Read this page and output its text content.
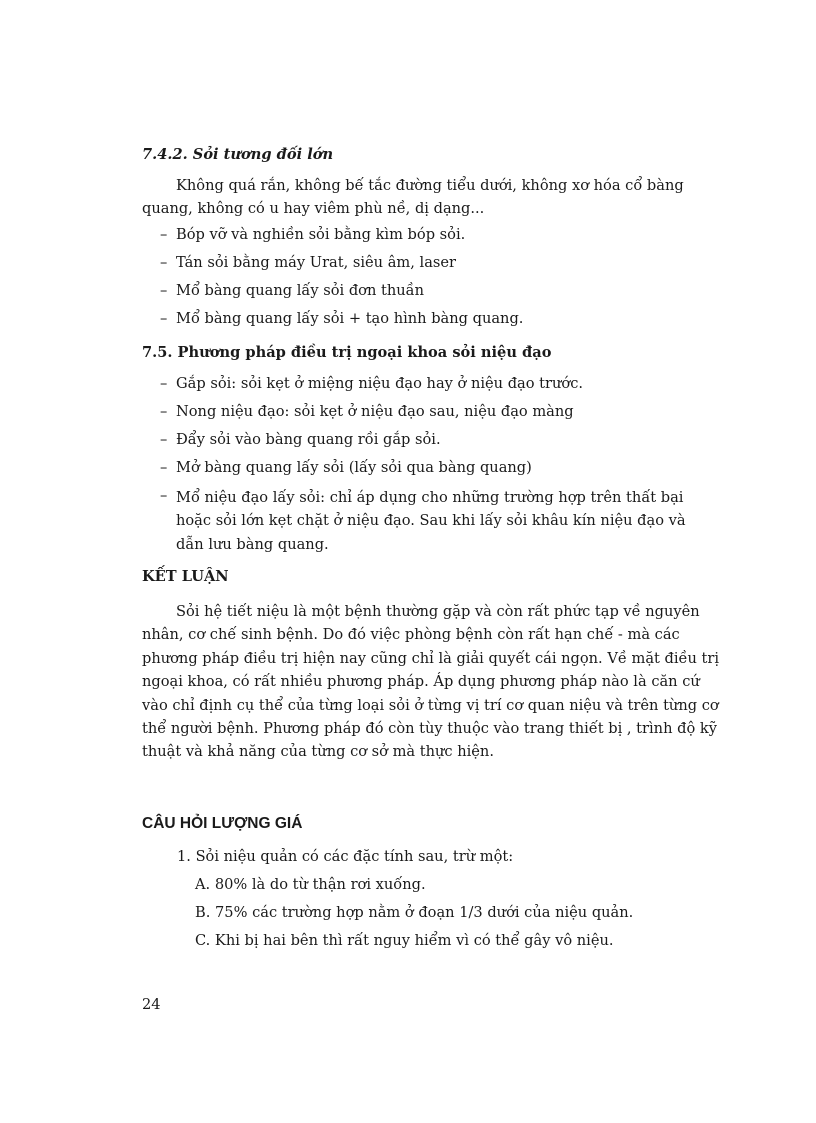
7.4.2. Sỏi tương đối lớn
Không quá rắn, không bế tắc đường tiểu dưới, không xơ hóa cổ bàng
quang, không có u hay viêm phù nề, dị dạng...
– Bóp vỡ và nghiền sỏi bằng kìm bóp sỏi.
– Tán sỏi bằng máy Urat, siêu âm, laser
– Mổ bàng quang lấy sỏi đơn thuần
– Mổ bàng quang lấy sỏi + tạo hình bàng quang.
7.5. Phương pháp điều trị ngoại khoa sỏi niệu đạo
– Gắp sỏi: sỏi kẹt ở miệng niệu đạo hay ở niệu đạo trước.
– Nong niệu đạo: sỏi kẹt ở niệu đạo sau, niệu đạo màng
– Đẩy sỏi vào bàng quang rồi gắp sỏi.
– Mở bàng quang lấy sỏi (lấy sỏi qua bàng quang)
– Mổ niệu đạo lấy sỏi: chỉ áp dụng cho những trường hợp trên thất bại
hoặc sỏi lớn kẹt chặt ở niệu đạo. Sau khi lấy sỏi khâu kín niệu đạo và
dẫn lưu bàng quang.
KẾT LUẬN
Sỏi hệ tiết niệu là một bệnh thường gặp và còn rất phức tạp về nguyên
nhân, cơ chế sinh bệnh. Do đó việc phòng bệnh còn rất hạn chế - mà các
phương pháp điều trị hiện nay cũng chỉ là giải quyết cái ngọn. Về mặt điều trị
ngoại khoa, có rất nhiều phương pháp. Áp dụng phương pháp nào là căn cứ
vào chỉ định cụ thể của từng loại sỏi ở từng vị trí cơ quan niệu và trên từng cơ
thể người bệnh. Phương pháp đó còn tùy thuộc vào trang thiết bị , trình độ kỹ
thuật và khả năng của từng cơ sở mà thực hiện.
CÂU HỎI LƯỢNG GIÁ
1. Sỏi niệu quản có các đặc tính sau, trừ một:
A. 80% là do từ thận rơi xuống.
B. 75% các trường hợp nằm ở đoạn 1/3 dưới của niệu quản.
C. Khi bị hai bên thì rất nguy hiểm vì có thể gây vô niệu.
24
